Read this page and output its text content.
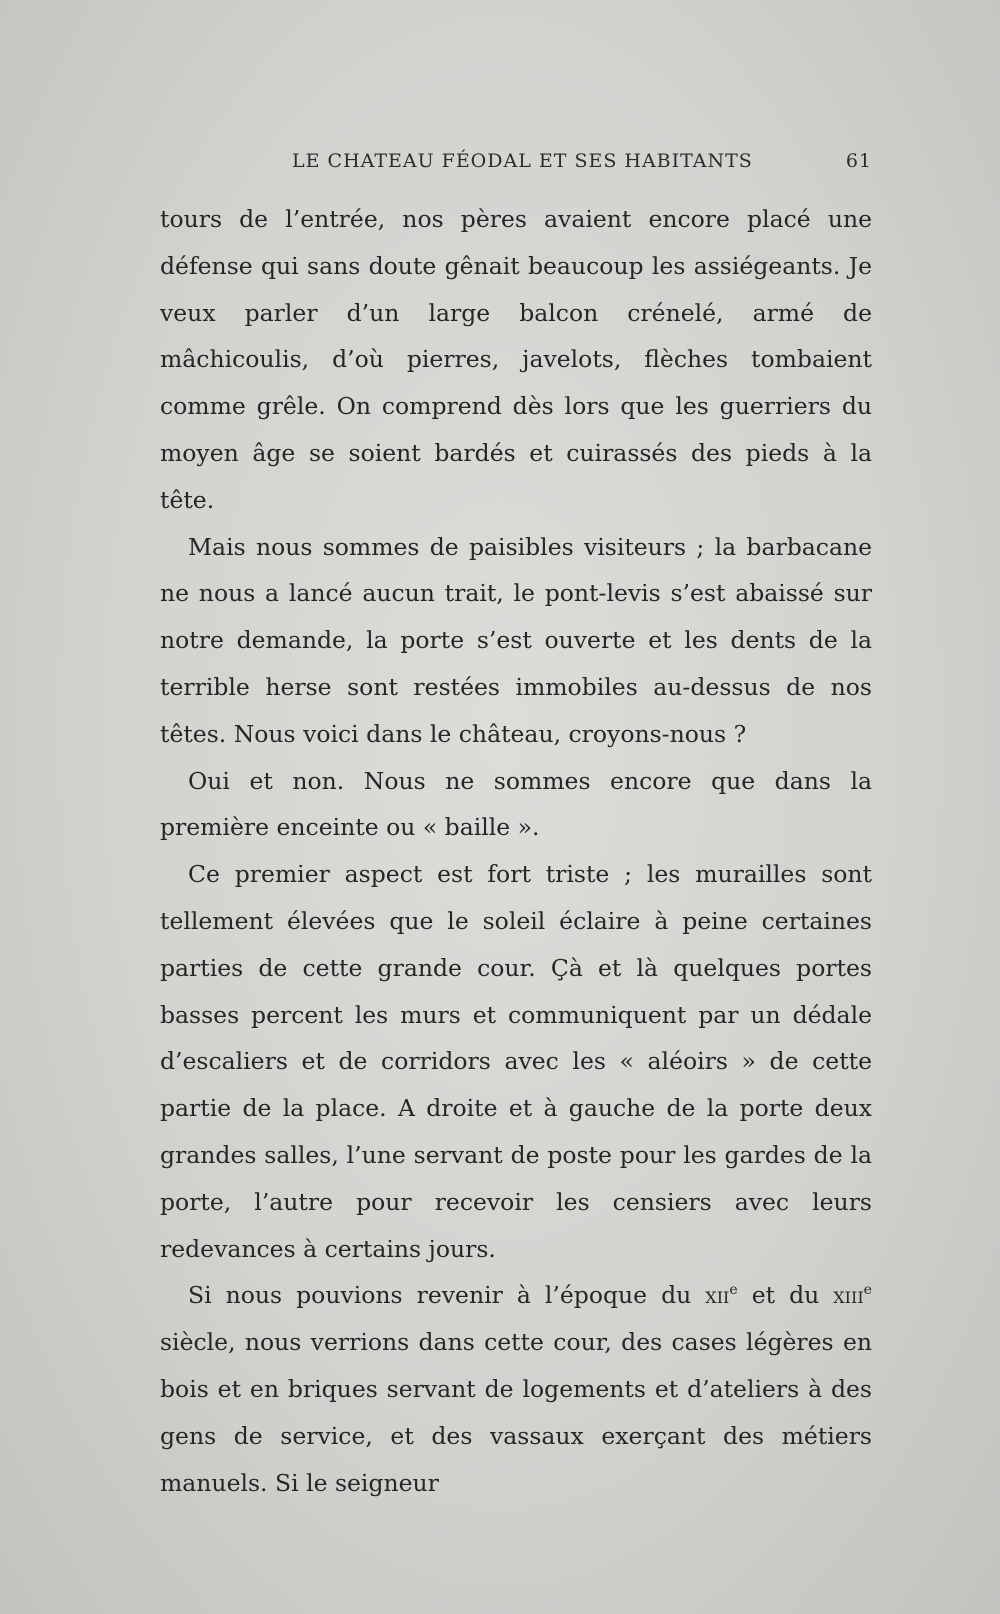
LE CHATEAU FÉODAL ET SES HABITANTS	61

tours de l’entrée, nos pères avaient encore placé une défense qui sans doute gênait beaucoup les assiégeants. Je veux parler d’un large balcon crénelé, armé de mâchicoulis, d’où pierres, javelots, flèches tombaient comme grêle. On comprend dès lors que les guerriers du moyen âge se soient bardés et cuirassés des pieds à la tête.

Mais nous sommes de paisibles visiteurs ; la barbacane ne nous a lancé aucun trait, le pont-levis s’est abaissé sur notre demande, la porte s’est ouverte et les dents de la terrible herse sont restées immobiles au-dessus de nos têtes. Nous voici dans le château, croyons-nous ?

Oui et non. Nous ne sommes encore que dans la première enceinte ou « baille ».

Ce premier aspect est fort triste ; les murailles sont tellement élevées que le soleil éclaire à peine certaines parties de cette grande cour. Çà et là quelques portes basses percent les murs et communiquent par un dédale d’escaliers et de corridors avec les « aléoirs » de cette partie de la place. A droite et à gauche de la porte deux grandes salles, l’une servant de poste pour les gardes de la porte, l’autre pour recevoir les censiers avec leurs redevances à certains jours.

Si nous pouvions revenir à l’époque du xii$^e$ et du xiii$^e$ siècle, nous verrions dans cette cour, des cases légères en bois et en briques servant de logements et d’ateliers à des gens de service, et des vassaux exerçant des métiers manuels. Si le seigneur
